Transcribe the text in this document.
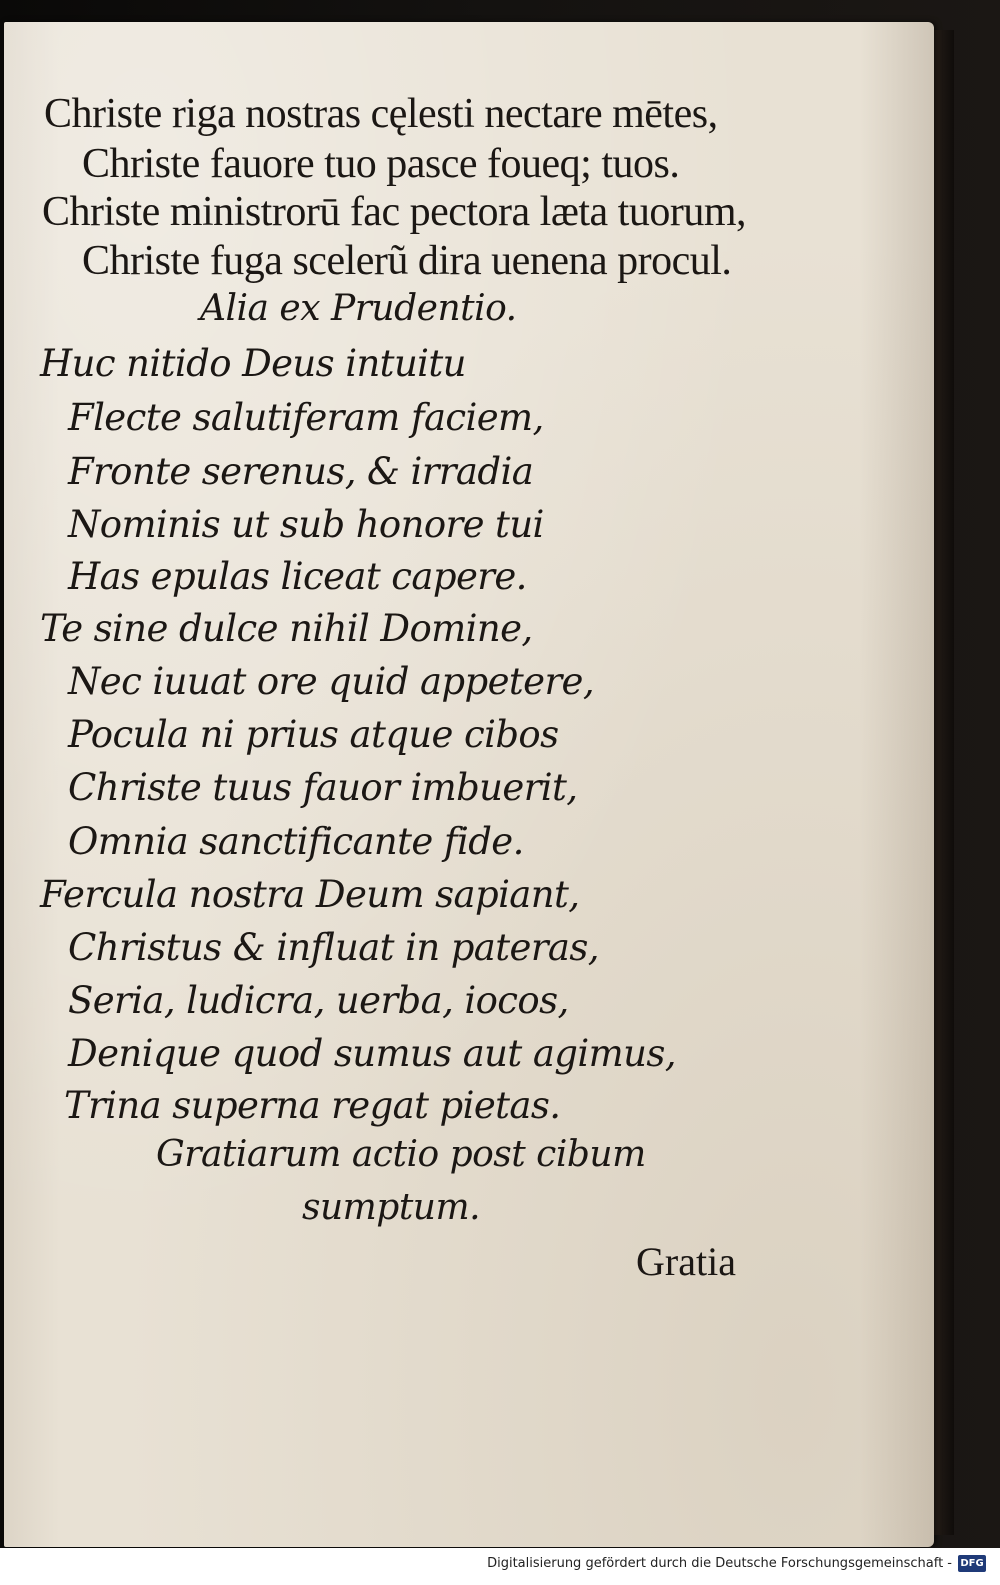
Christe riga nostras cęlesti nectare mētes,
Christe fauore tuo pasce foueq; tuos.
Christe ministrorū fac pectora læta tuorum,
Christe fuga scelerũ dira uenena procul.
Alia ex Prudentio.
Huc nitido Deus intuitu
Flecte salutiferam faciem,
Fronte serenus, & irradia
Nominis ut sub honore tui
Has epulas liceat capere.
Te sine dulce nihil Domine,
Nec iuuat ore quid appetere,
Pocula ni prius atque cibos
Christe tuus fauor imbuerit,
Omnia sanctificante fide.
Fercula nostra Deum sapiant,
Christus & influat in pateras,
Seria, ludicra, uerba, iocos,
Denique quod sumus aut agimus,
Trina superna regat pietas.
Gratiarum actio post cibum
sumptum.
Gratia
Digitalisierung gefördert durch die Deutsche Forschungsgemeinschaft - DFG
